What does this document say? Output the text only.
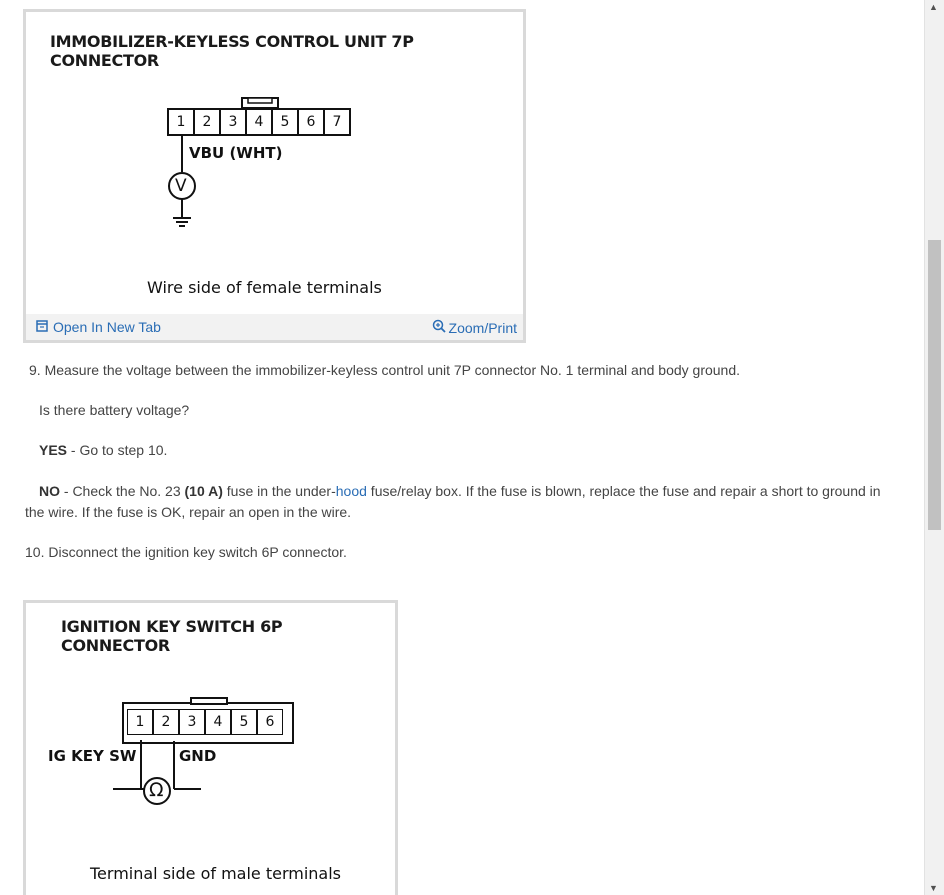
IMMOBILIZER-KEYLESS CONTROL UNIT 7P CONNECTOR
V
1	2	3	4	5	6	7
VBU (WHT)
Wire side of female terminals
Open In New Tab	Zoom/Print
9. Measure the voltage between the immobilizer-keyless control unit 7P connector No. 1 terminal and body ground.
Is there battery voltage?
YES - Go to step 10.
NO - Check the No. 23 (10 A) fuse in the under-hood fuse/relay box. If the fuse is blown, replace the fuse and repair a short to ground in
the wire. If the fuse is OK, repair an open in the wire.
10. Disconnect the ignition key switch 6P connector.
IGNITION KEY SWITCH 6P CONNECTOR
Ω
1	2	3	4	5	6
IG KEY SW	GND
Terminal side of male terminals
▲
▼
